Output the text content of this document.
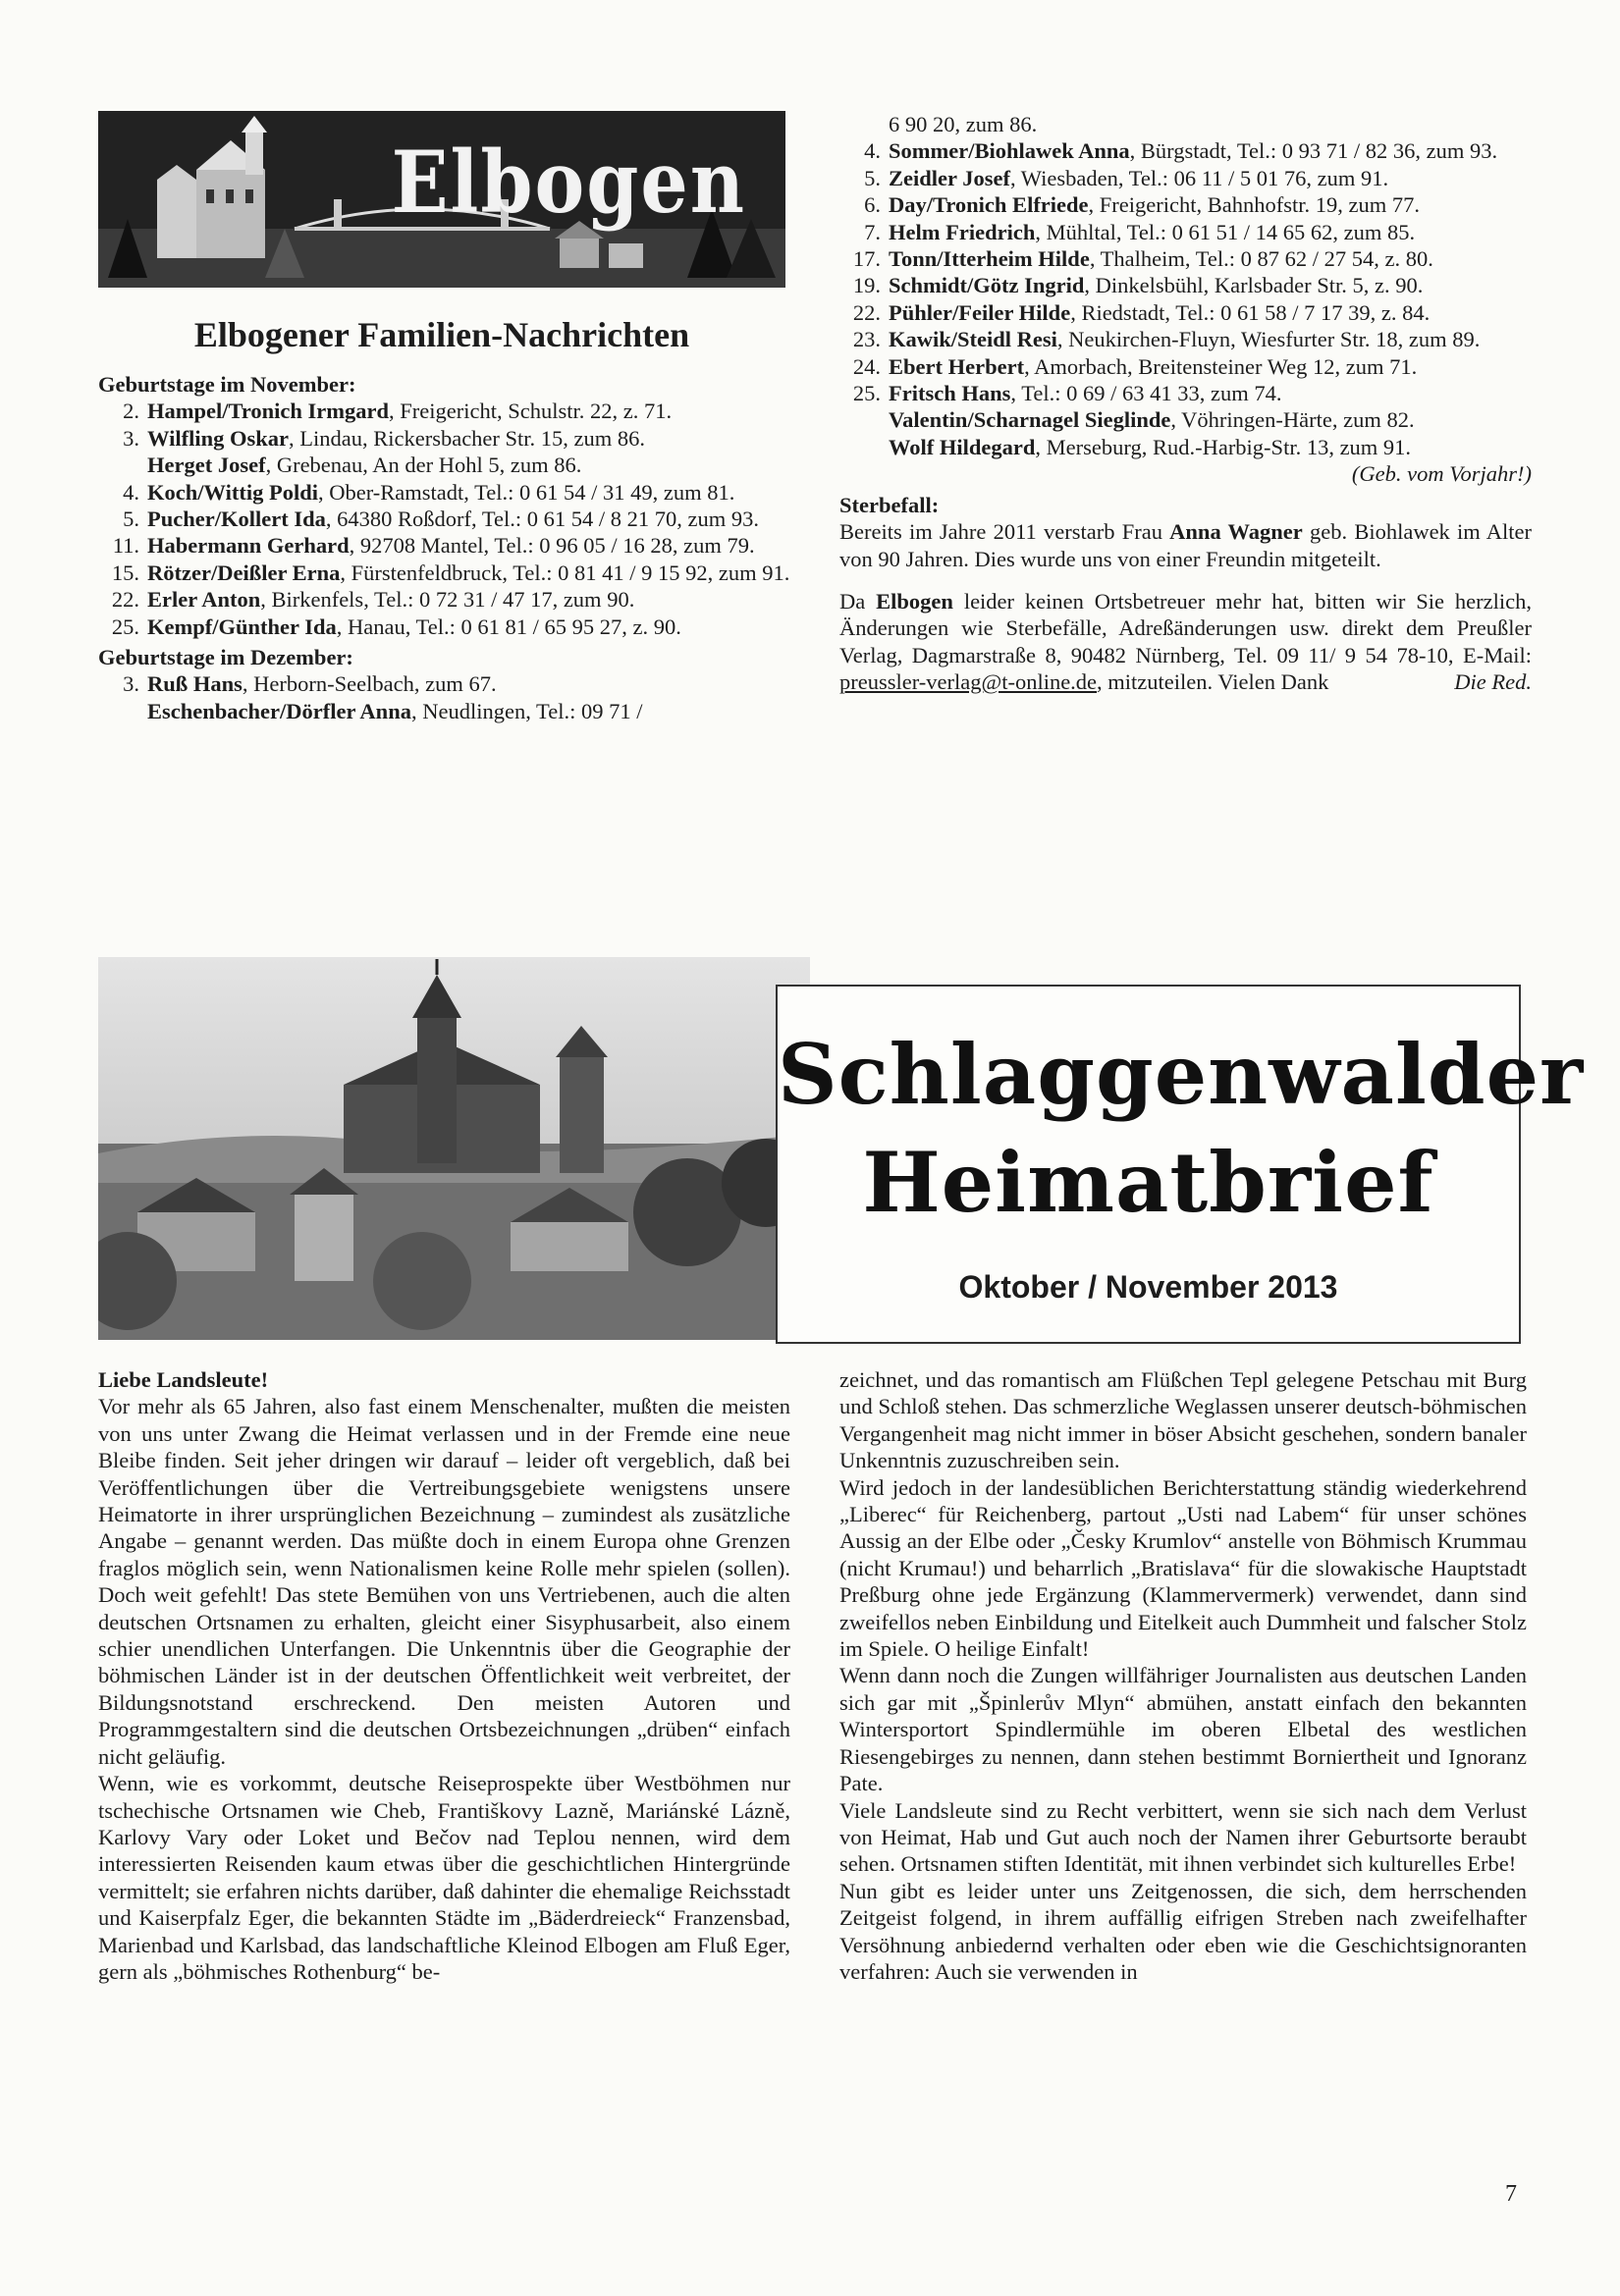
Elbogen
Elbogener Familien-Nachrichten

Geburtstage im November:

2. Hampel/Tronich Irmgard, Freigericht, Schulstr. 22, z. 71.
3. Wilfling Oskar, Lindau, Rickersbacher Str. 15, zum 86.
Herget Josef, Grebenau, An der Hohl 5, zum 86.
4. Koch/Wittig Poldi, Ober-Ramstadt, Tel.: 0 61 54 / 31 49, zum 81.
5. Pucher/Kollert Ida, 64380 Roßdorf, Tel.: 0 61 54 / 8 21 70, zum 93.
11. Habermann Gerhard, 92708 Mantel, Tel.: 0 96 05 / 16 28, zum 79.
15. Rötzer/Deißler Erna, Fürstenfeldbruck, Tel.: 0 81 41 / 9 15 92, zum 91.
22. Erler Anton, Birkenfels, Tel.: 0 72 31 / 47 17, zum 90.
25. Kempf/Günther Ida, Hanau, Tel.: 0 61 81 / 65 95 27, z. 90.

Geburtstage im Dezember:

3. Ruß Hans, Herborn-Seelbach, zum 67.
Eschenbacher/Dörfler Anna, Neudlingen, Tel.: 09 71 /

6 90 20, zum 86.

4. Sommer/Biohlawek Anna, Bürgstadt, Tel.: 0 93 71 / 82 36, zum 93.
5. Zeidler Josef, Wiesbaden, Tel.: 06 11 / 5 01 76, zum 91.
6. Day/Tronich Elfriede, Freigericht, Bahnhofstr. 19, zum 77.
7. Helm Friedrich, Mühltal, Tel.: 0 61 51 / 14 65 62, zum 85.
17. Tonn/Itterheim Hilde, Thalheim, Tel.: 0 87 62 / 27 54, z. 80.
19. Schmidt/Götz Ingrid, Dinkelsbühl, Karlsbader Str. 5, z. 90.
22. Pühler/Feiler Hilde, Riedstadt, Tel.: 0 61 58 / 7 17 39, z. 84.
23. Kawik/Steidl Resi, Neukirchen-Fluyn, Wiesfurter Str. 18, zum 89.
24. Ebert Herbert, Amorbach, Breitensteiner Weg 12, zum 71.
25. Fritsch Hans, Tel.: 0 69 / 63 41 33, zum 74.
Valentin/Scharnagel Sieglinde, Vöhringen-Härte, zum 82.
Wolf Hildegard, Merseburg, Rud.-Harbig-Str. 13, zum 91.

(Geb. vom Vorjahr!)

Sterbefall:

Bereits im Jahre 2011 verstarb Frau Anna Wagner geb. Biohlawek im Alter von 90 Jahren. Dies wurde uns von einer Freundin mitgeteilt.

Da Elbogen leider keinen Ortsbetreuer mehr hat, bitten wir Sie herzlich, Änderungen wie Sterbefälle, Adreßänderungen usw. direkt dem Preußler Verlag, Dagmarstraße 8, 90482 Nürnberg, Tel. 09 11/ 9 54 78-10, E-Mail: preussler-verlag@t-online.de, mitzuteilen. Vielen Dank	Die Red.

Schlaggenwalder
Heimatbrief
Oktober / November 2013

Liebe Landsleute!

Vor mehr als 65 Jahren, also fast einem Menschenalter, mußten die meisten von uns unter Zwang die Heimat verlassen und in der Fremde eine neue Bleibe finden. Seit jeher dringen wir darauf – leider oft vergeblich, daß bei Veröffentlichungen über die Vertreibungsgebiete wenigstens unsere Heimatorte in ihrer ursprünglichen Bezeichnung – zumindest als zusätzliche Angabe – genannt werden. Das müßte doch in einem Europa ohne Grenzen fraglos möglich sein, wenn Nationalismen keine Rolle mehr spielen (sollen). Doch weit gefehlt! Das stete Bemühen von uns Vertriebenen, auch die alten deutschen Ortsnamen zu erhalten, gleicht einer Sisyphusarbeit, also einem schier unendlichen Unterfangen. Die Unkenntnis über die Geographie der böhmischen Länder ist in der deutschen Öffentlichkeit weit verbreitet, der Bildungsnotstand erschreckend. Den meisten Autoren und Programmgestaltern sind die deutschen Ortsbezeichnungen „drüben“ einfach nicht geläufig.

Wenn, wie es vorkommt, deutsche Reiseprospekte über Westböhmen nur tschechische Ortsnamen wie Cheb, Františkovy Lazně, Mariánské Lázně, Karlovy Vary oder Loket und Bečov nad Teplou nennen, wird dem interessierten Reisenden kaum etwas über die geschichtlichen Hintergründe vermittelt; sie erfahren nichts darüber, daß dahinter die ehemalige Reichsstadt und Kaiserpfalz Eger, die bekannten Städte im „Bäderdreieck“ Franzensbad, Marienbad und Karlsbad, das landschaftliche Kleinod Elbogen am Fluß Eger, gern als „böhmisches Rothenburg“ be-

zeichnet, und das romantisch am Flüßchen Tepl gelegene Petschau mit Burg und Schloß stehen. Das schmerzliche Weglassen unserer deutsch-böhmischen Vergangenheit mag nicht immer in böser Absicht geschehen, sondern banaler Unkenntnis zuzuschreiben sein.

Wird jedoch in der landesüblichen Berichterstattung ständig wiederkehrend „Liberec“ für Reichenberg, partout „Usti nad Labem“ für unser schönes Aussig an der Elbe oder „Česky Krumlov“ anstelle von Böhmisch Krummau (nicht Krumau!) und beharrlich „Bratislava“ für die slowakische Hauptstadt Preßburg ohne jede Ergänzung (Klammervermerk) verwendet, dann sind zweifellos neben Einbildung und Eitelkeit auch Dummheit und falscher Stolz im Spiele. O heilige Einfalt!

Wenn dann noch die Zungen willfähriger Journalisten aus deutschen Landen sich gar mit „Špinlerův Mlyn“ abmühen, anstatt einfach den bekannten Wintersportort Spindlermühle im oberen Elbetal des westlichen Riesengebirges zu nennen, dann stehen bestimmt Borniertheit und Ignoranz Pate.

Viele Landsleute sind zu Recht verbittert, wenn sie sich nach dem Verlust von Heimat, Hab und Gut auch noch der Namen ihrer Geburtsorte beraubt sehen. Ortsnamen stiften Identität, mit ihnen verbindet sich kulturelles Erbe!

Nun gibt es leider unter uns Zeitgenossen, die sich, dem herrschenden Zeitgeist folgend, in ihrem auffällig eifrigen Streben nach zweifelhafter Versöhnung anbiedernd verhalten oder eben wie die Geschichtsignoranten verfahren: Auch sie verwenden in

7
